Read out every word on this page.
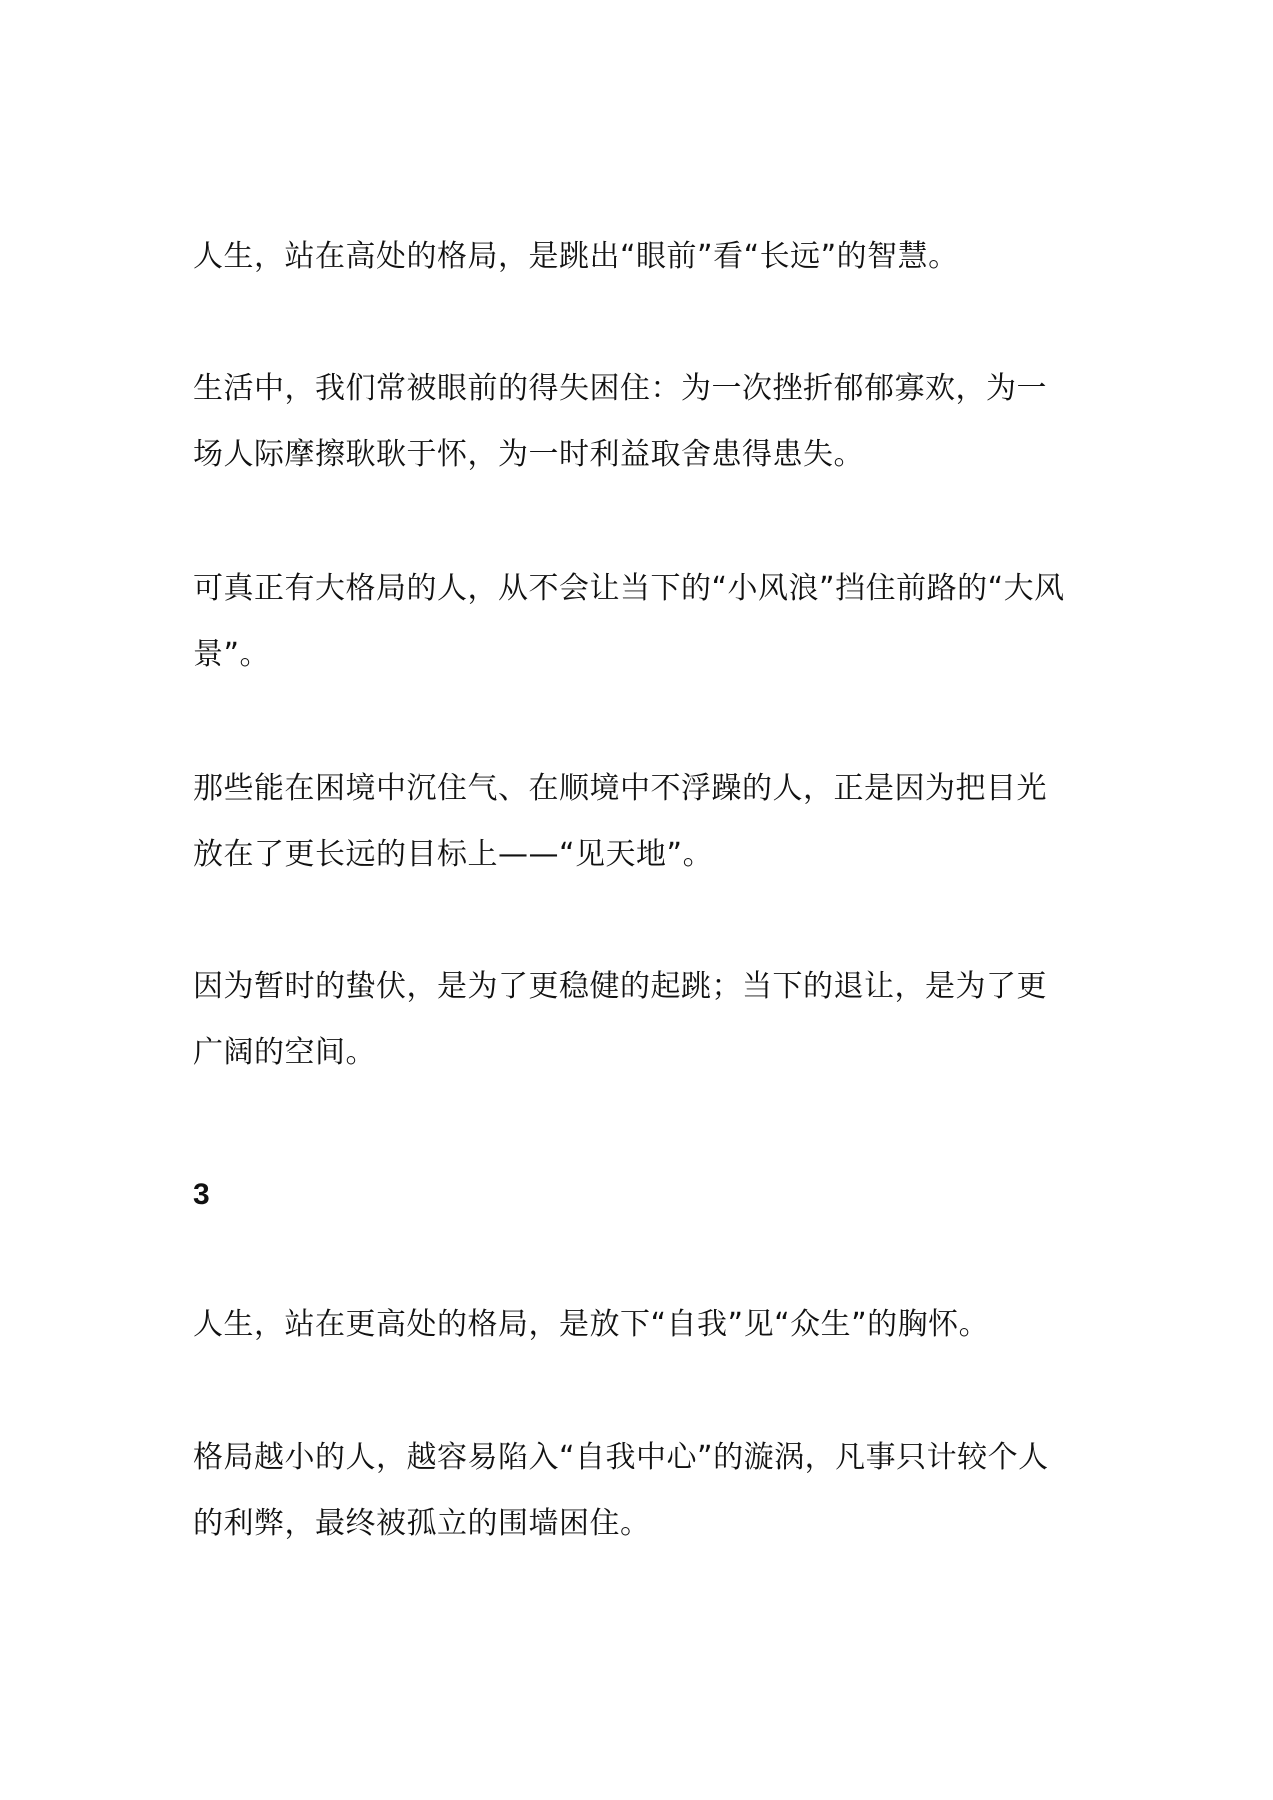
人生，站在高处的格局，是跳出“眼前”看“长远”的智慧。

生活中，我们常被眼前的得失困住：为一次挫折郁郁寡欢，为一
场人际摩擦耿耿于怀，为一时利益取舍患得患失。

可真正有大格局的人，从不会让当下的“小风浪”挡住前路的“大风
景”。

那些能在困境中沉住气、在顺境中不浮躁的人，正是因为把目光
放在了更长远的目标上——“见天地”。

因为暂时的蛰伏，是为了更稳健的起跳；当下的退让，是为了更
广阔的空间。

3

人生，站在更高处的格局，是放下“自我”见“众生”的胸怀。

格局越小的人，越容易陷入“自我中心”的漩涡，凡事只计较个人
的利弊，最终被孤立的围墙困住。
